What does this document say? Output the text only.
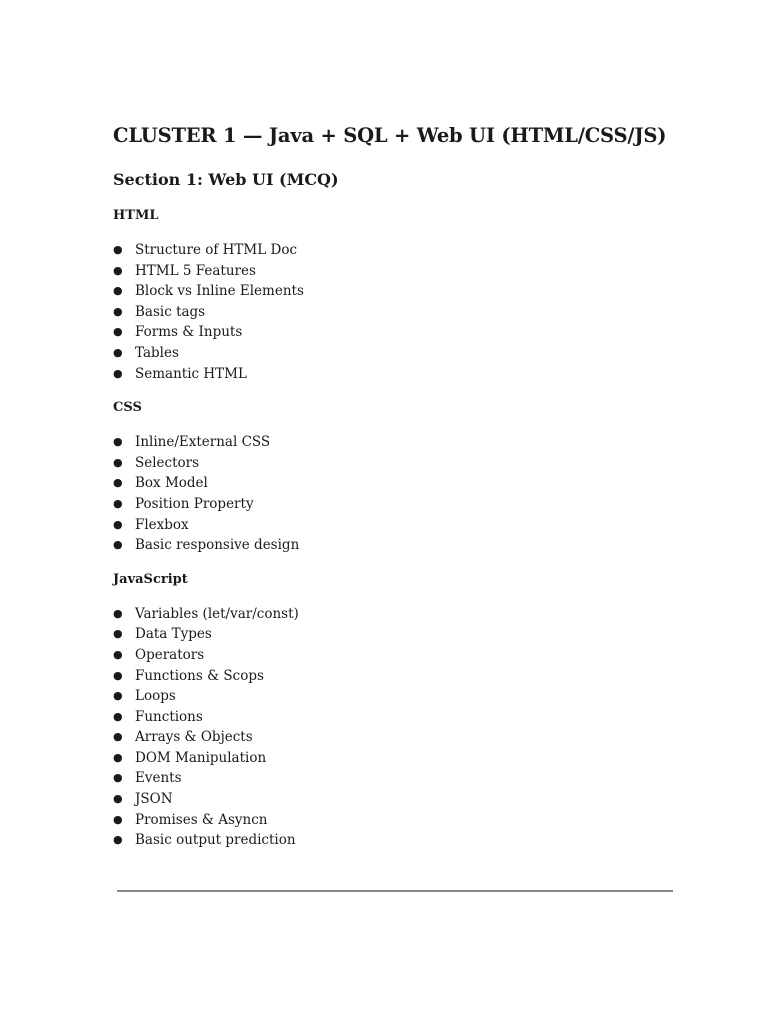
CLUSTER 1 — Java + SQL + Web UI (HTML/CSS/JS)
Section 1: Web UI (MCQ)
HTML
● Structure of HTML Doc
● HTML 5 Features
● Block vs Inline Elements
● Basic tags
● Forms & Inputs
● Tables
● Semantic HTML
CSS
● Inline/External CSS
● Selectors
● Box Model
● Position Property
● Flexbox
● Basic responsive design
JavaScript
● Variables (let/var/const)
● Data Types
● Operators
● Functions & Scops
● Loops
● Functions
● Arrays & Objects
● DOM Manipulation
● Events
● JSON
● Promises & Asyncn
● Basic output prediction
